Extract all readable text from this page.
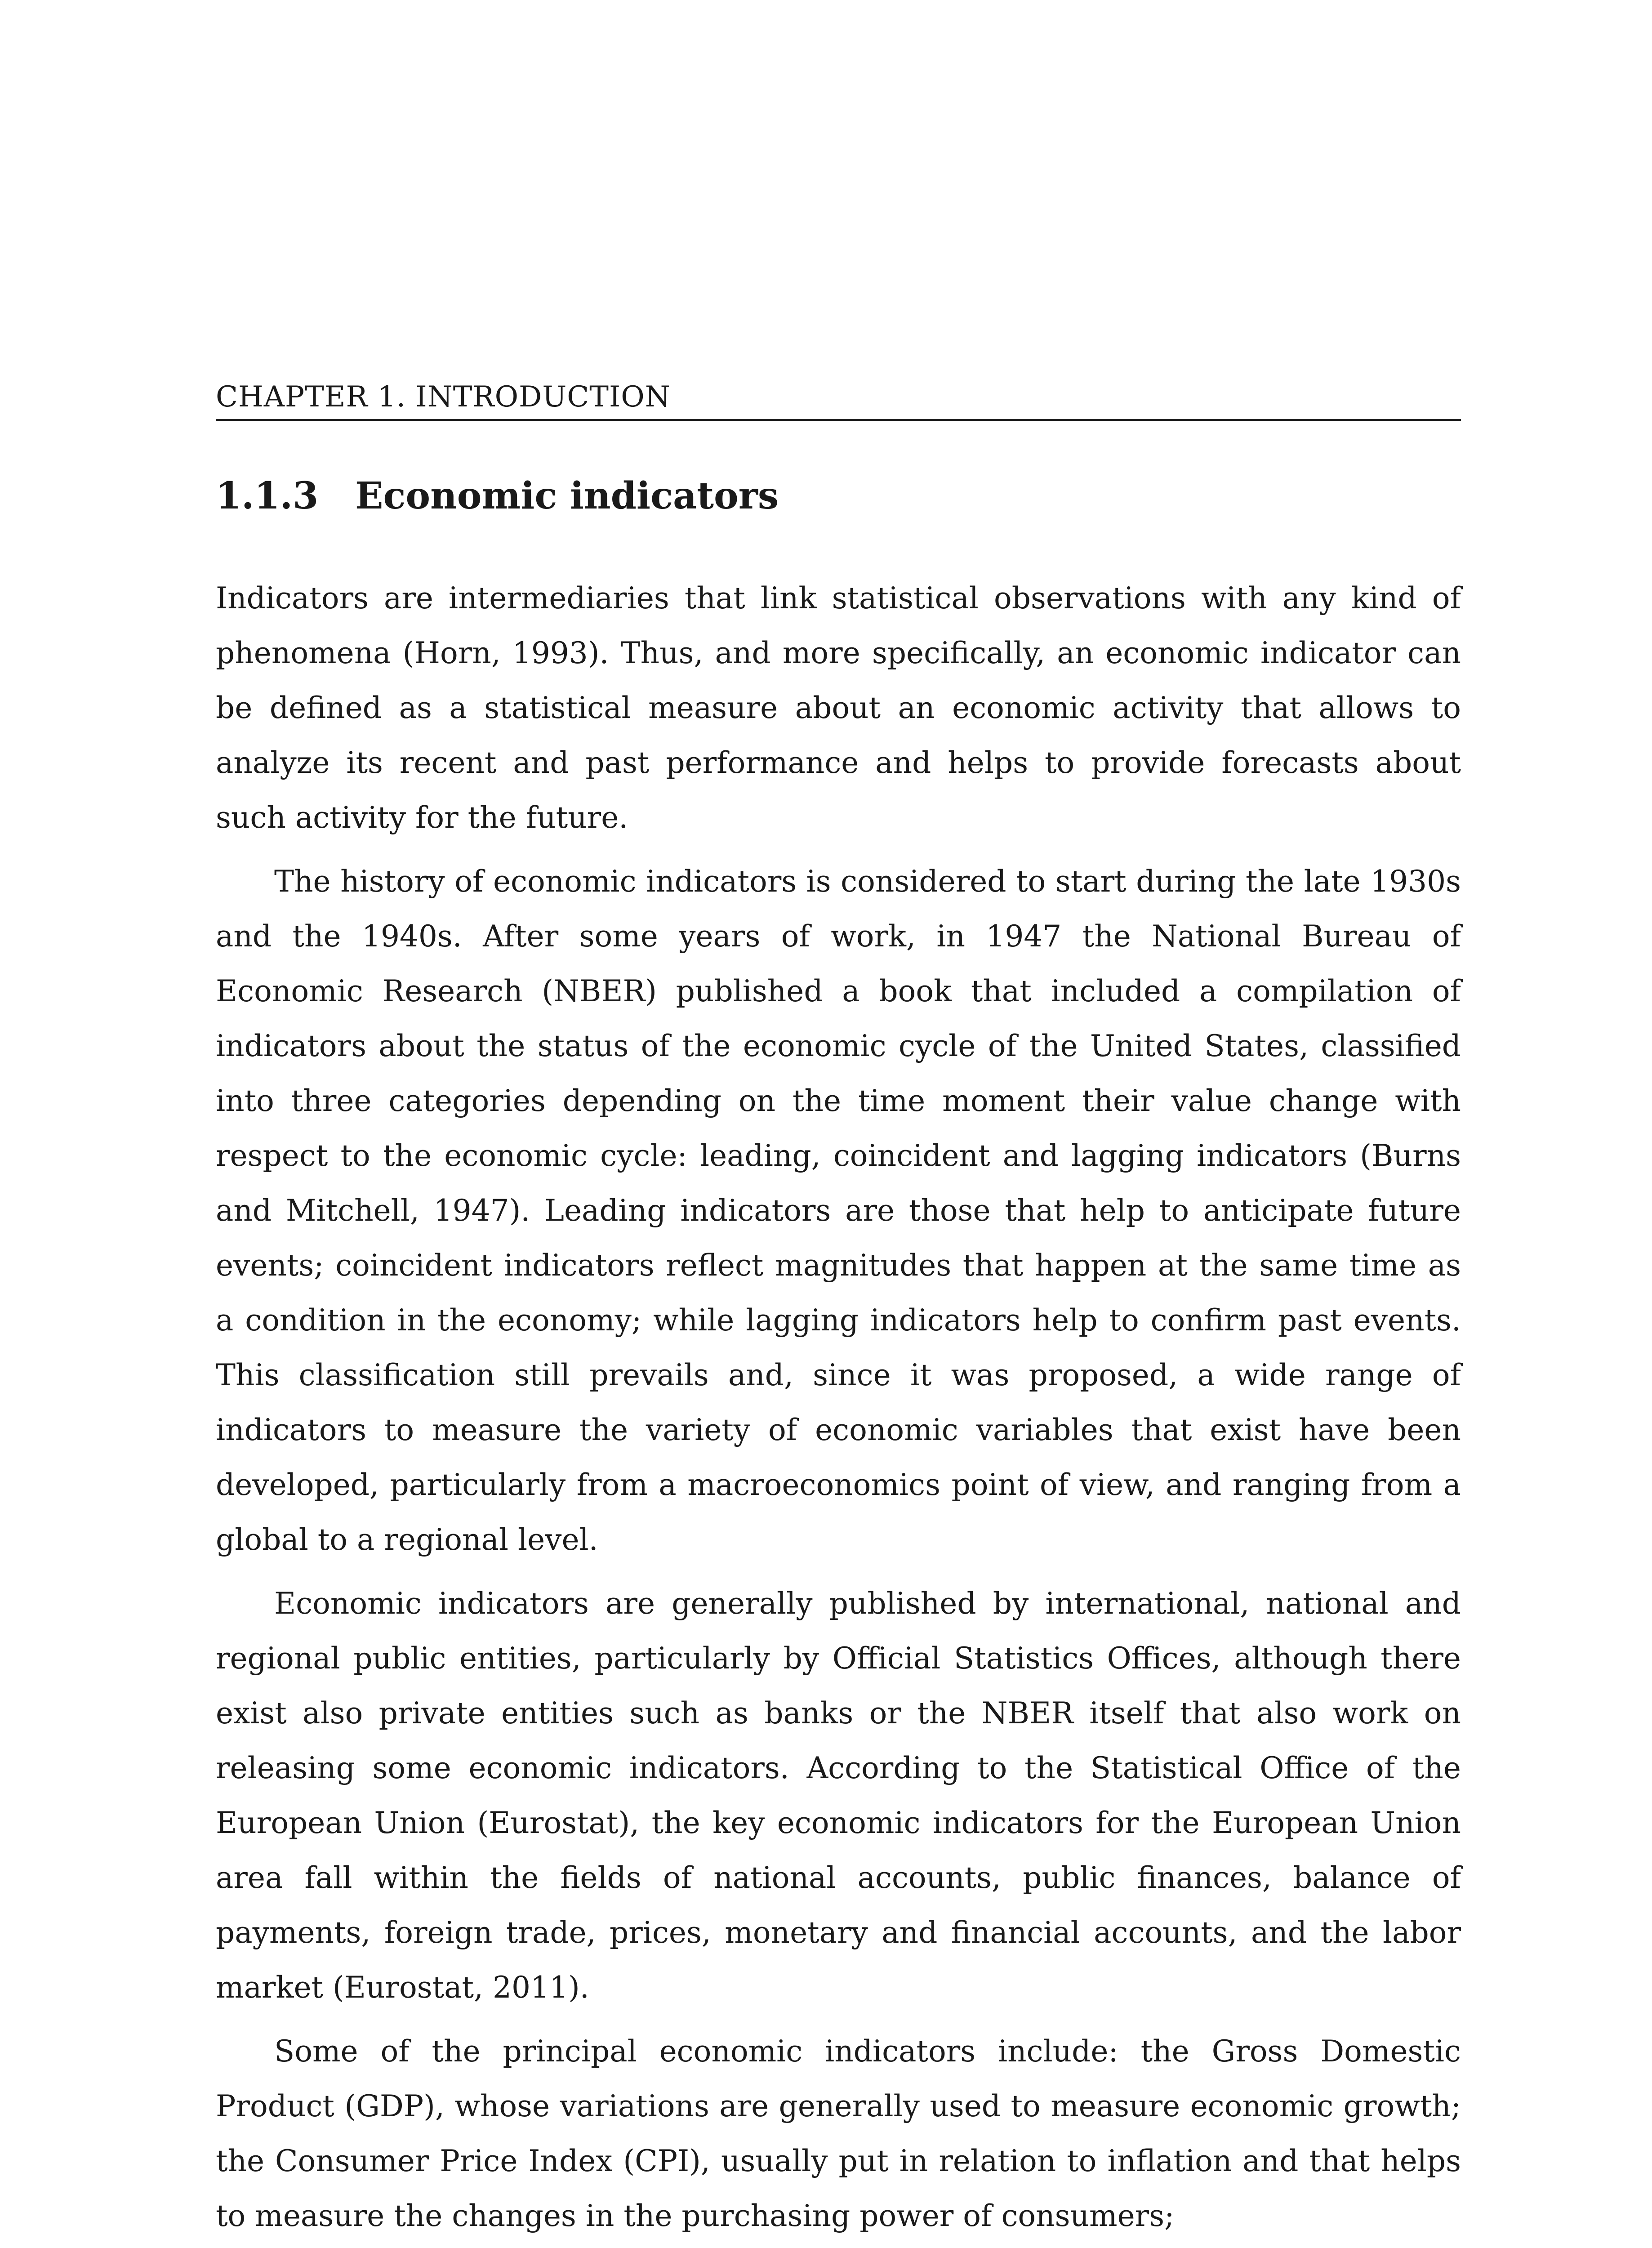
CHAPTER 1. INTRODUCTION
1.1.3 Economic indicators

Indicators are intermediaries that link statistical observations with any kind of phenomena (Horn, 1993). Thus, and more specifically, an economic indicator can be defined as a statistical measure about an economic activity that allows to analyze its recent and past performance and helps to provide forecasts about such activity for the future.

The history of economic indicators is considered to start during the late 1930s and the 1940s. After some years of work, in 1947 the National Bureau of Economic Research (NBER) published a book that included a compilation of indicators about the status of the economic cycle of the United States, classified into three categories depending on the time moment their value change with respect to the economic cycle: leading, coincident and lagging indicators (Burns and Mitchell, 1947). Leading indicators are those that help to anticipate future events; coincident indicators reflect magnitudes that happen at the same time as a condition in the economy; while lagging indicators help to confirm past events. This classification still prevails and, since it was proposed, a wide range of indicators to measure the variety of economic variables that exist have been developed, particularly from a macroeconomics point of view, and ranging from a global to a regional level.

Economic indicators are generally published by international, national and regional public entities, particularly by Official Statistics Offices, although there exist also private entities such as banks or the NBER itself that also work on releasing some economic indicators. According to the Statistical Office of the European Union (Eurostat), the key economic indicators for the European Union area fall within the fields of national accounts, public finances, balance of payments, foreign trade, prices, monetary and financial accounts, and the labor market (Eurostat, 2011).

Some of the principal economic indicators include: the Gross Domestic Product (GDP), whose variations are generally used to measure economic growth; the Consumer Price Index (CPI), usually put in relation to inflation and that helps to measure the changes in the purchasing power of consumers;
